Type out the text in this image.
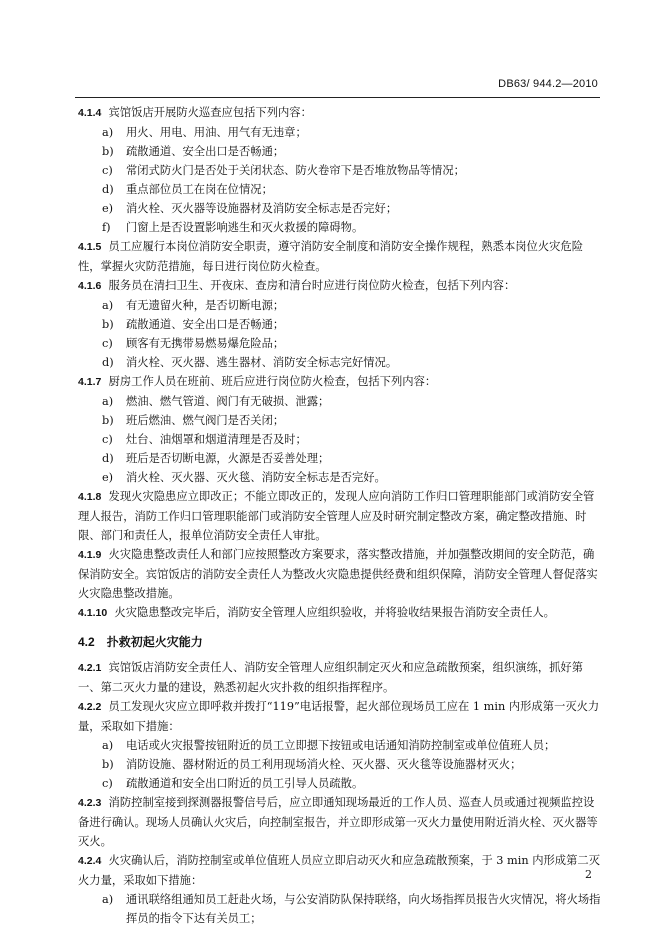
DB63/ 944.2—2010

4.1.4 宾馆饭店开展防火巡查应包括下列内容：

a) 用火、用电、用油、用气有无违章；

b) 疏散通道、安全出口是否畅通；

c) 常闭式防火门是否处于关闭状态、防火卷帘下是否堆放物品等情况；

d) 重点部位员工在岗在位情况；

e) 消火栓、灭火器等设施器材及消防安全标志是否完好；

f) 门窗上是否设置影响逃生和灭火救援的障碍物。

4.1.5 员工应履行本岗位消防安全职责，遵守消防安全制度和消防安全操作规程，熟悉本岗位火灾危险性，掌握火灾防范措施，每日进行岗位防火检查。

4.1.6 服务员在清扫卫生、开夜床、查房和清台时应进行岗位防火检查，包括下列内容：

a) 有无遗留火种，是否切断电源；

b) 疏散通道、安全出口是否畅通；

c) 顾客有无携带易燃易爆危险品；

d) 消火栓、灭火器、逃生器材、消防安全标志完好情况。

4.1.7 厨房工作人员在班前、班后应进行岗位防火检查，包括下列内容：

a) 燃油、燃气管道、阀门有无破损、泄露；

b) 班后燃油、燃气阀门是否关闭；

c) 灶台、油烟罩和烟道清理是否及时；

d) 班后是否切断电源，火源是否妥善处理；

e) 消火栓、灭火器、灭火毯、消防安全标志是否完好。

4.1.8 发现火灾隐患应立即改正；不能立即改正的，发现人应向消防工作归口管理职能部门或消防安全管理人报告，消防工作归口管理职能部门或消防安全管理人应及时研究制定整改方案，确定整改措施、时限、部门和责任人，报单位消防安全责任人审批。

4.1.9 火灾隐患整改责任人和部门应按照整改方案要求，落实整改措施，并加强整改期间的安全防范，确保消防安全。宾馆饭店的消防安全责任人为整改火灾隐患提供经费和组织保障，消防安全管理人督促落实火灾隐患整改措施。

4.1.10 火灾隐患整改完毕后，消防安全管理人应组织验收，并将验收结果报告消防安全责任人。

4.2 扑救初起火灾能力

4.2.1 宾馆饭店消防安全责任人、消防安全管理人应组织制定灭火和应急疏散预案，组织演练，抓好第一、第二灭火力量的建设，熟悉初起火灾扑救的组织指挥程序。

4.2.2 员工发现火灾应立即呼救并拨打“119”电话报警，起火部位现场员工应在 1 min 内形成第一灭火力量，采取如下措施：

a) 电话或火灾报警按钮附近的员工立即摁下按钮或电话通知消防控制室或单位值班人员；

b) 消防设施、器材附近的员工利用现场消火栓、灭火器、灭火毯等设施器材灭火；

c) 疏散通道和安全出口附近的员工引导人员疏散。

4.2.3 消防控制室接到探测器报警信号后，应立即通知现场最近的工作人员、巡查人员或通过视频监控设备进行确认。现场人员确认火灾后，向控制室报告，并立即形成第一灭火力量使用附近消火栓、灭火器等灭火。

4.2.4 火灾确认后，消防控制室或单位值班人员应立即启动灭火和应急疏散预案，于 3 min 内形成第二灭火力量，采取如下措施：

a) 通讯联络组通知员工赶赴火场，与公安消防队保持联络，向火场指挥员报告火灾情况，将火场指挥员的指令下达有关员工；

2
